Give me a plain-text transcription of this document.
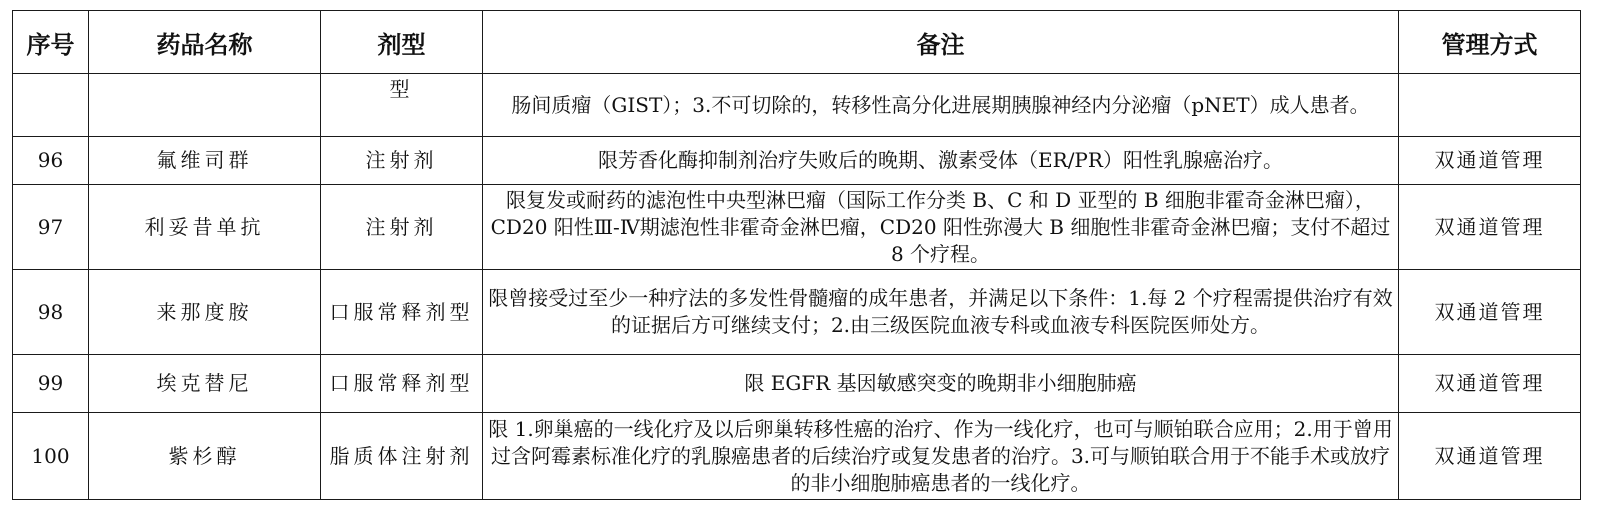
序号	药品名称	剂型	备注	管理方式
		型	肠间质瘤（GIST）；3.不可切除的，转移性高分化进展期胰腺神经内分泌瘤（pNET）成人患者。	
96	氟维司群	注射剂	限芳香化酶抑制剂治疗失败后的晚期、激素受体（ER/PR）阳性乳腺癌治疗。	双通道管理
97	利妥昔单抗	注射剂	限复发或耐药的滤泡性中央型淋巴瘤（国际工作分类 B、C 和 D 亚型的 B 细胞非霍奇金淋巴瘤），CD20 阳性Ⅲ-Ⅳ期滤泡性非霍奇金淋巴瘤，CD20 阳性弥漫大 B 细胞性非霍奇金淋巴瘤；支付不超过 8 个疗程。	双通道管理
98	来那度胺	口服常释剂型	限曾接受过至少一种疗法的多发性骨髓瘤的成年患者，并满足以下条件：1.每 2 个疗程需提供治疗有效的证据后方可继续支付；2.由三级医院血液专科或血液专科医院医师处方。	双通道管理
99	埃克替尼	口服常释剂型	限 EGFR 基因敏感突变的晚期非小细胞肺癌	双通道管理
100	紫杉醇	脂质体注射剂	限 1.卵巢癌的一线化疗及以后卵巢转移性癌的治疗、作为一线化疗，也可与顺铂联合应用；2.用于曾用过含阿霉素标准化疗的乳腺癌患者的后续治疗或复发患者的治疗。3.可与顺铂联合用于不能手术或放疗的非小细胞肺癌患者的一线化疗。	双通道管理
